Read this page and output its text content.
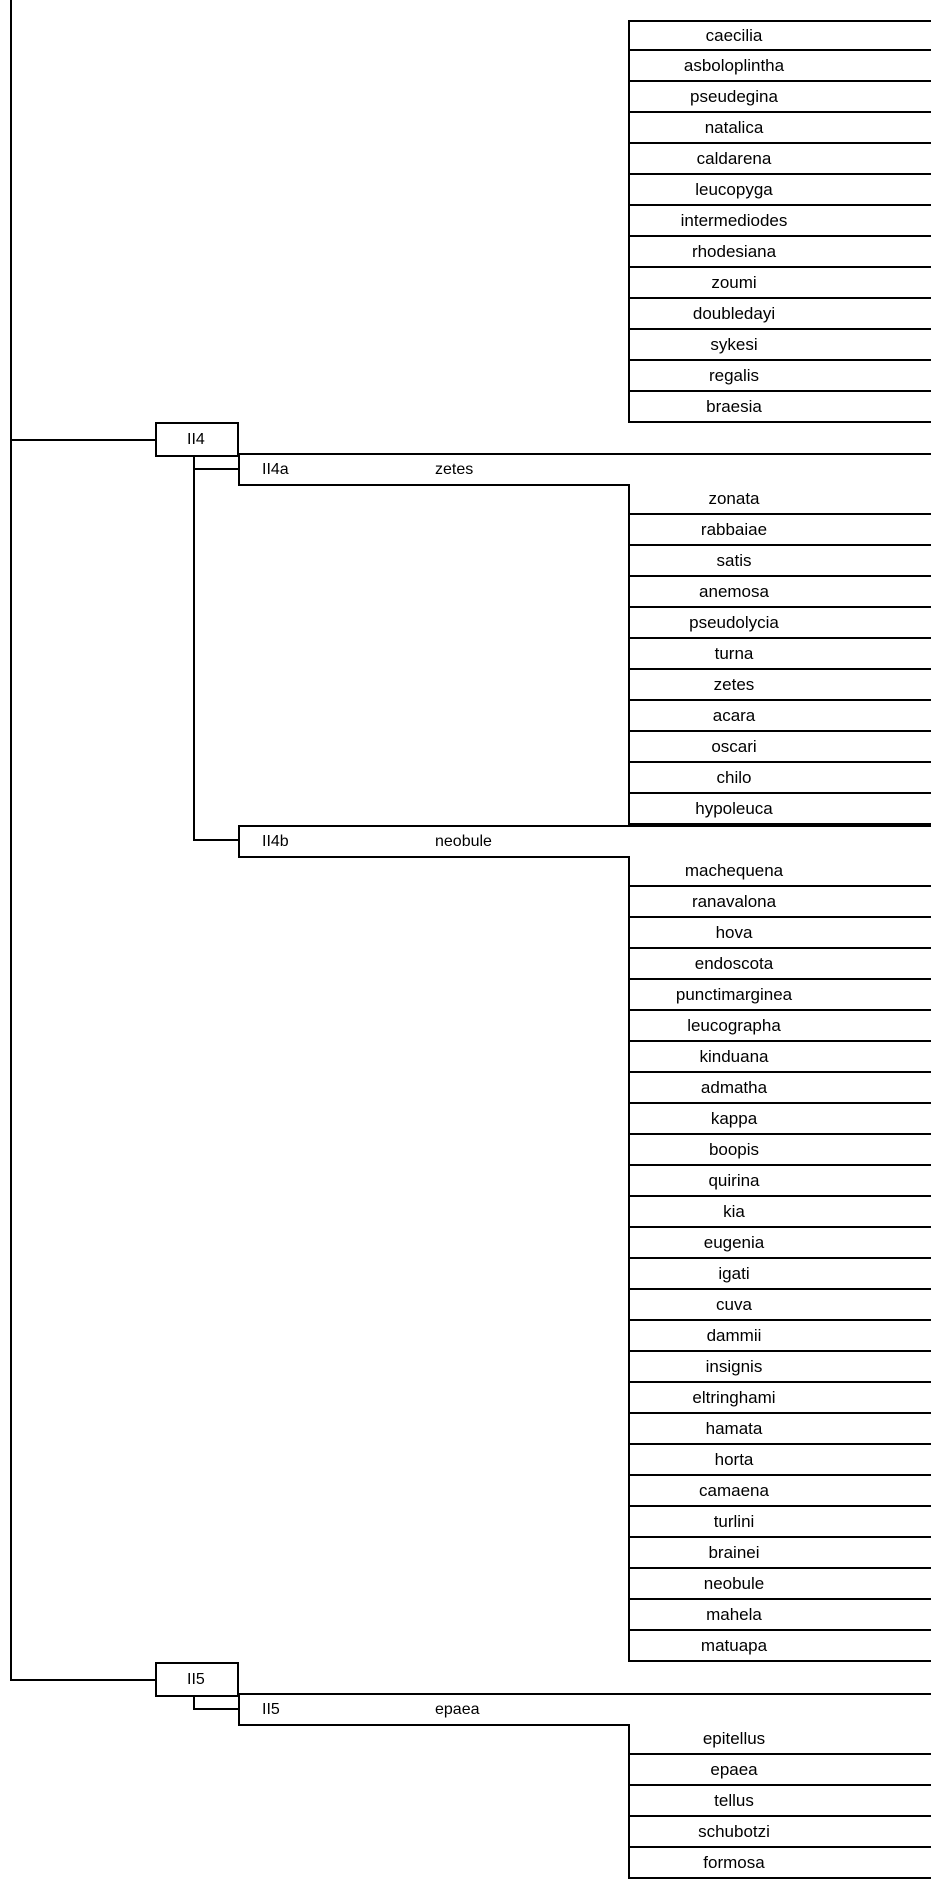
caecilia
asboloplintha
pseudegina
natalica
caldarena
leucopyga
intermediodes
rhodesiana
zoumi
doubledayi
sykesi
regalis
braesia
II4
II4a	zetes
zonata
rabbaiae
satis
anemosa
pseudolycia
turna
zetes
acara
oscari
chilo
hypoleuca
II4b	neobule
machequena
ranavalona
hova
endoscota
punctimarginea
leucographa
kinduana
admatha
kappa
boopis
quirina
kia
eugenia
igati
cuva
dammii
insignis
eltringhami
hamata
horta
camaena
turlini
brainei
neobule
mahela
matuapa
II5
II5	epaea
epitellus
epaea
tellus
schubotzi
formosa
